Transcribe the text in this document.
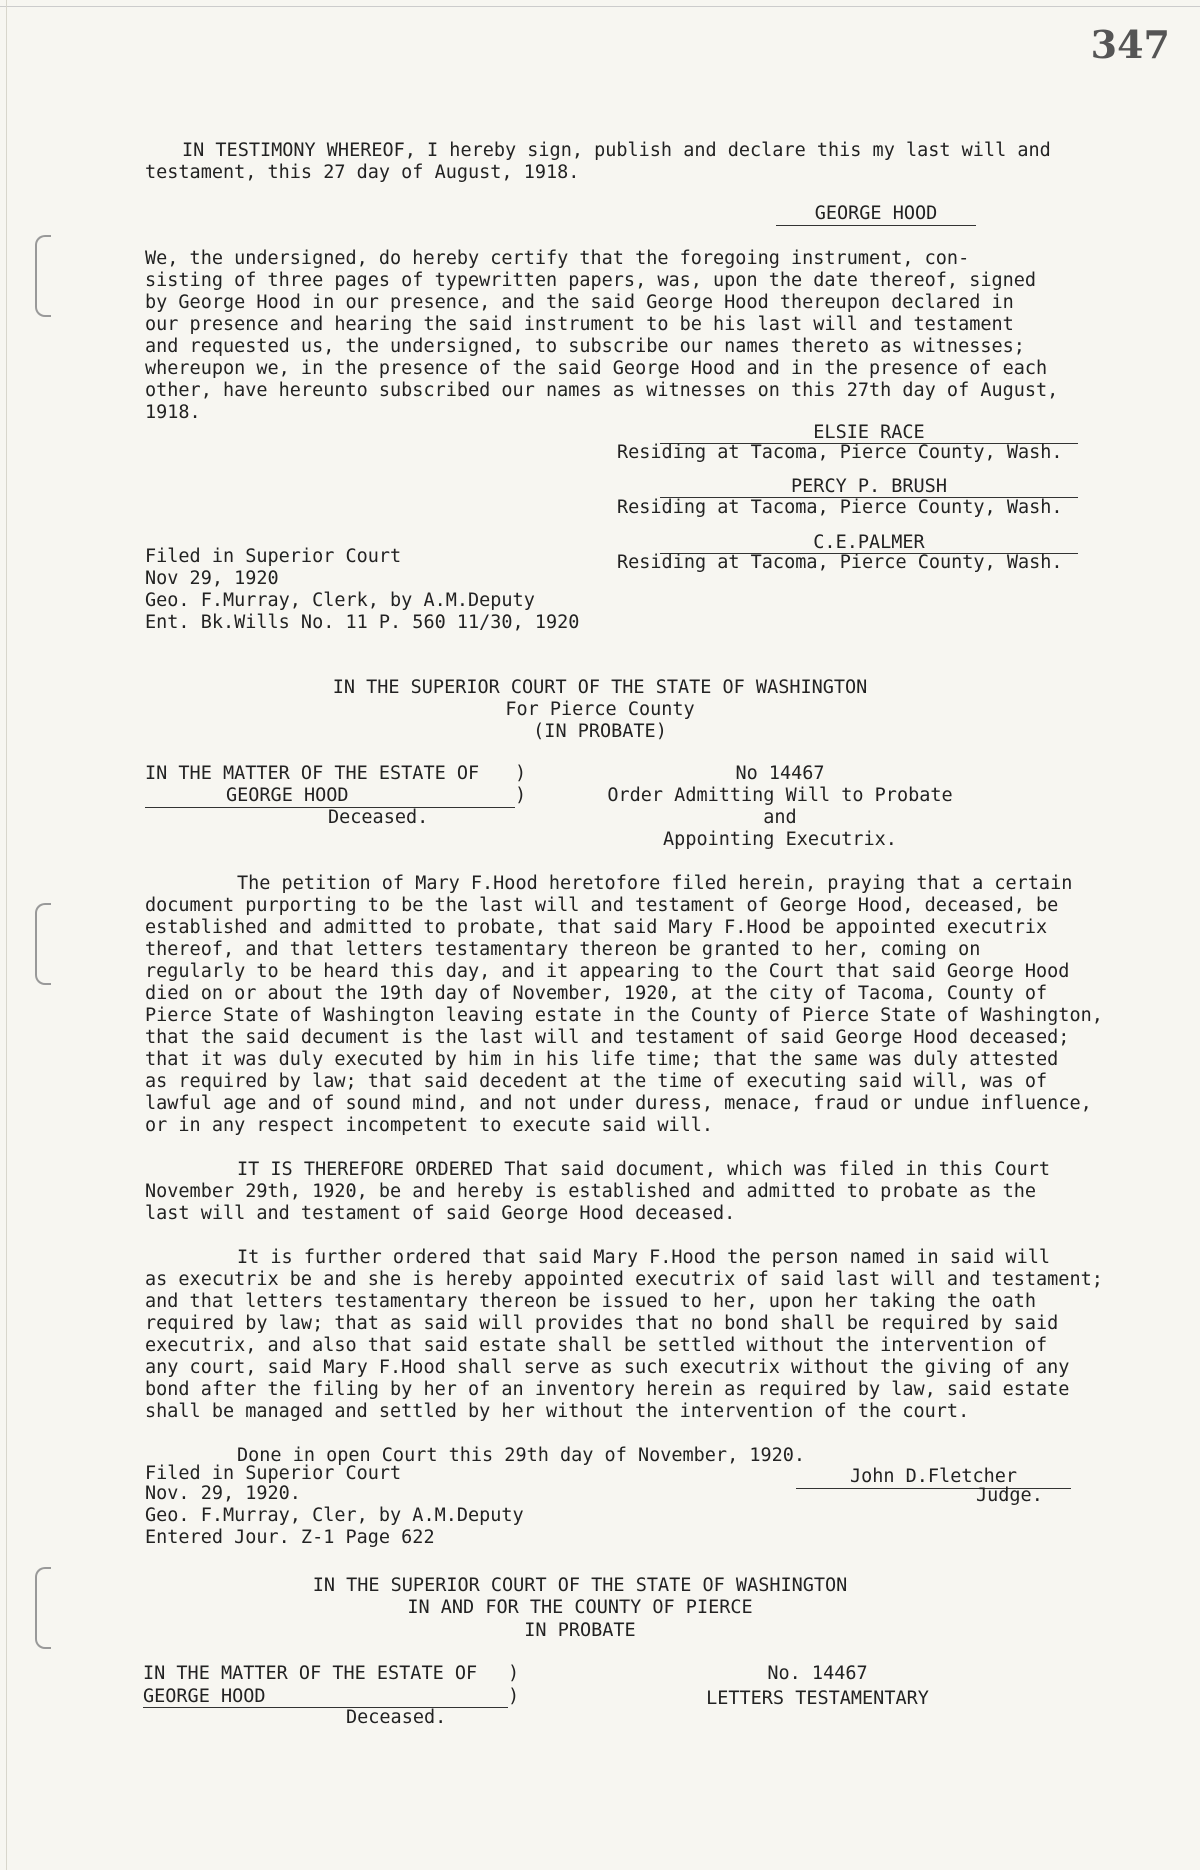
347
IN TESTIMONY WHEREOF, I hereby sign, publish and declare this my last will and
testament, this 27 day of August, 1918.
GEORGE HOOD
We, the undersigned, do hereby certify that the foregoing instrument, con-
sisting of three pages of typewritten papers, was, upon the date thereof, signed
by George Hood in our presence, and the said George Hood thereupon declared in
our presence and hearing the said instrument to be his last will and testament
and requested us, the undersigned, to subscribe our names thereto as witnesses;
whereupon we, in the presence of the said George Hood and in the presence of each
other, have hereunto subscribed our names as witnesses on this 27th day of August,
1918.
ELSIE RACE
Residing at Tacoma, Pierce County, Wash.
PERCY P. BRUSH
Residing at Tacoma, Pierce County, Wash.
C.E.PALMER
Residing at Tacoma, Pierce County, Wash.
Filed in Superior Court
Nov 29, 1920
Geo. F.Murray, Clerk, by A.M.Deputy
Ent. Bk.Wills No. 11 P. 560 11/30, 1920
IN THE SUPERIOR COURT OF THE STATE OF WASHINGTON
For Pierce County
(IN PROBATE)
IN THE MATTER OF THE ESTATE OF )
GEORGE HOOD	)
Deceased.
No 14467
Order Admitting Will to Probate
and
Appointing Executrix.
The petition of Mary F.Hood heretofore filed herein, praying that a certain
document purporting to be the last will and testament of George Hood, deceased, be
established and admitted to probate, that said Mary F.Hood be appointed executrix
thereof, and that letters testamentary thereon be granted to her, coming on
regularly to be heard this day, and it appearing to the Court that said George Hood
died on or about the 19th day of November, 1920, at the city of Tacoma, County of
Pierce State of Washington leaving estate in the County of Pierce State of Washington,
that the said decument is the last will and testament of said George Hood deceased;
that it was duly executed by him in his life time; that the same was duly attested
as required by law; that said decedent at the time of executing said will, was of
lawful age and of sound mind, and not under duress, menace, fraud or undue influence,
or in any respect incompetent to execute said will.
IT IS THEREFORE ORDERED That said document, which was filed in this Court
November 29th, 1920, be and hereby is established and admitted to probate as the
last will and testament of said George Hood deceased.
It is further ordered that said Mary F.Hood the person named in said will
as executrix be and she is hereby appointed executrix of said last will and testament;
and that letters testamentary thereon be issued to her, upon her taking the oath
required by law; that as said will provides that no bond shall be required by said
executrix, and also that said estate shall be settled without the intervention of
any court, said Mary F.Hood shall serve as such executrix without the giving of any
bond after the filing by her of an inventory herein as required by law, said estate
shall be managed and settled by her without the intervention of the court.
Done in open Court this 29th day of November, 1920.
John D.Fletcher
Judge.
Filed in Superior Court
Nov. 29, 1920.
Geo. F.Murray, Cler, by A.M.Deputy
Entered Jour. Z-1 Page 622
IN THE SUPERIOR COURT OF THE STATE OF WASHINGTON
IN AND FOR THE COUNTY OF PIERCE
IN PROBATE
IN THE MATTER OF THE ESTATE OF )
GEORGE HOOD	)
Deceased.
No. 14467
LETTERS TESTAMENTARY
